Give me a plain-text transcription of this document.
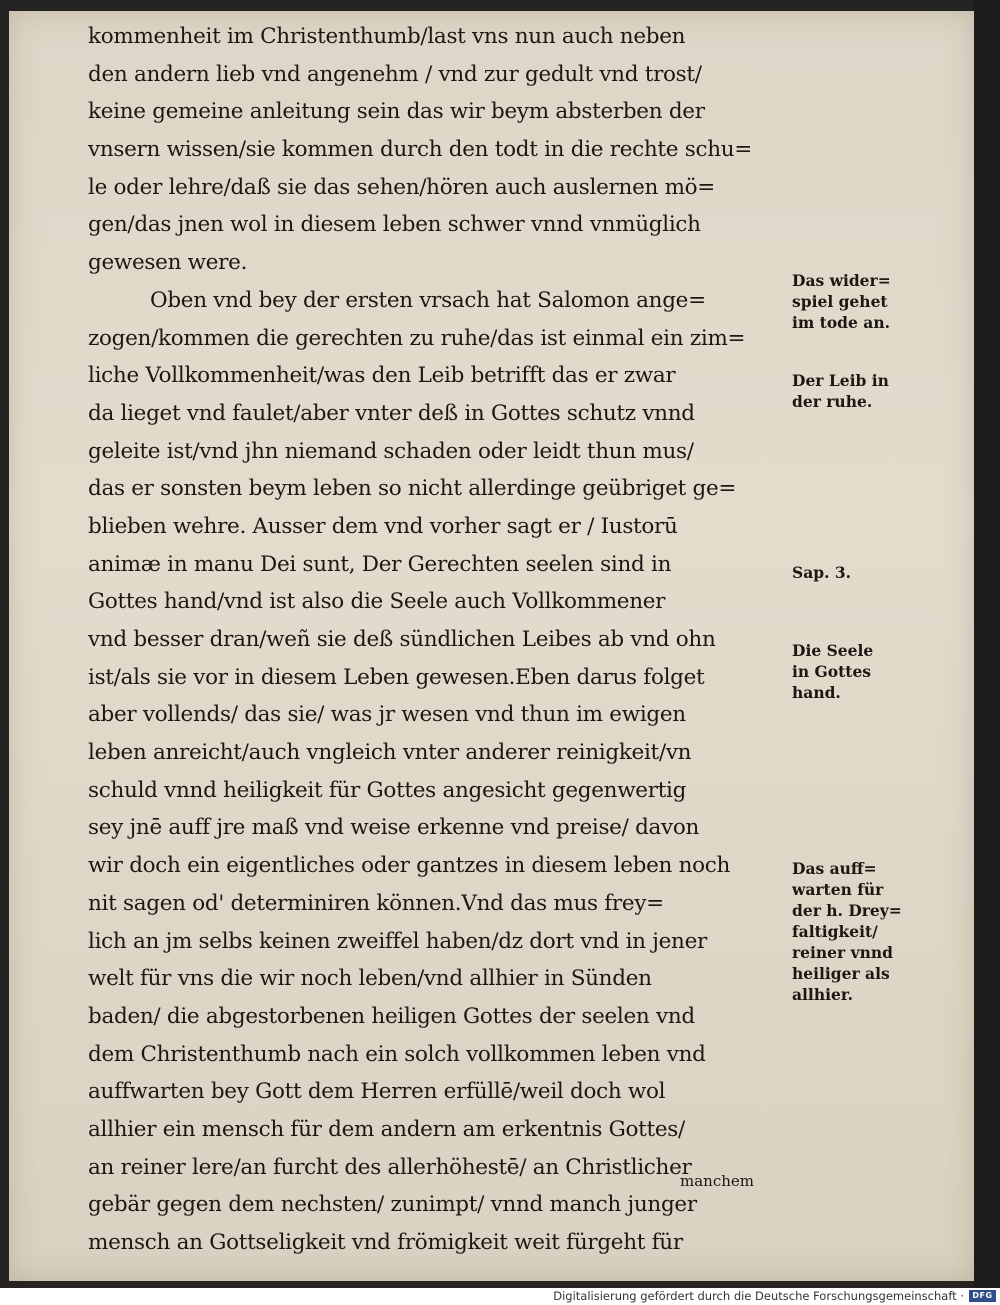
kommenheit im Christenthumb/last vns nun auch neben
den andern lieb vnd angenehm / vnd zur gedult vnd trost/
keine gemeine anleitung sein das wir beym absterben der
vnsern wissen/sie kommen durch den todt in die rechte schu=
le oder lehre/daß sie das sehen/hören auch auslernen mö=
gen/das jnen wol in diesem leben schwer vnnd vnmüglich
gewesen were.
Oben vnd bey der ersten vrsach hat Salomon ange=
zogen/kommen die gerechten zu ruhe/das ist einmal ein zim=
liche Vollkommenheit/was den Leib betrifft das er zwar
da lieget vnd faulet/aber vnter deß in Gottes schutz vnnd
geleite ist/vnd jhn niemand schaden oder leidt thun mus/
das er sonsten beym leben so nicht allerdinge geübriget ge=
blieben wehre. Ausser dem vnd vorher sagt er / Iustorū
animæ in manu Dei sunt, Der Gerechten seelen sind in
Gottes hand/vnd ist also die Seele auch Vollkommener
vnd besser dran/weñ sie deß sündlichen Leibes ab vnd ohn
ist/als sie vor in diesem Leben gewesen.Eben darus folget
aber vollends/ das sie/ was jr wesen vnd thun im ewigen
leben anreicht/auch vngleich vnter anderer reinigkeit/vn
schuld vnnd heiligkeit für Gottes angesicht gegenwertig
sey jnē auff jre maß vnd weise erkenne vnd preise/ davon
wir doch ein eigentliches oder gantzes in diesem leben noch
nit sagen od' determiniren können.Vnd das mus frey=
lich an jm selbs keinen zweiffel haben/dz dort vnd in jener
welt für vns die wir noch leben/vnd allhier in Sünden
baden/ die abgestorbenen heiligen Gottes der seelen vnd
dem Christenthumb nach ein solch vollkommen leben vnd
auffwarten bey Gott dem Herren erfüllē/weil doch wol
allhier ein mensch für dem andern am erkentnis Gottes/
an reiner lere/an furcht des allerhöhestē/ an Christlicher
gebär gegen dem nechsten/ zunimpt/ vnnd manch junger
mensch an Gottseligkeit vnd frömigkeit weit fürgeht für
manchem
Das wider=
spiel gehet
im tode an.
Der Leib in
der ruhe.
Sap. 3.
Die Seele
in Gottes
hand.
Das auff=
warten für
der h. Drey=
faltigkeit/
reiner vnnd
heiliger als
allhier.
Digitalisierung gefördert durch die Deutsche Forschungsgemeinschaft ·	DFG
